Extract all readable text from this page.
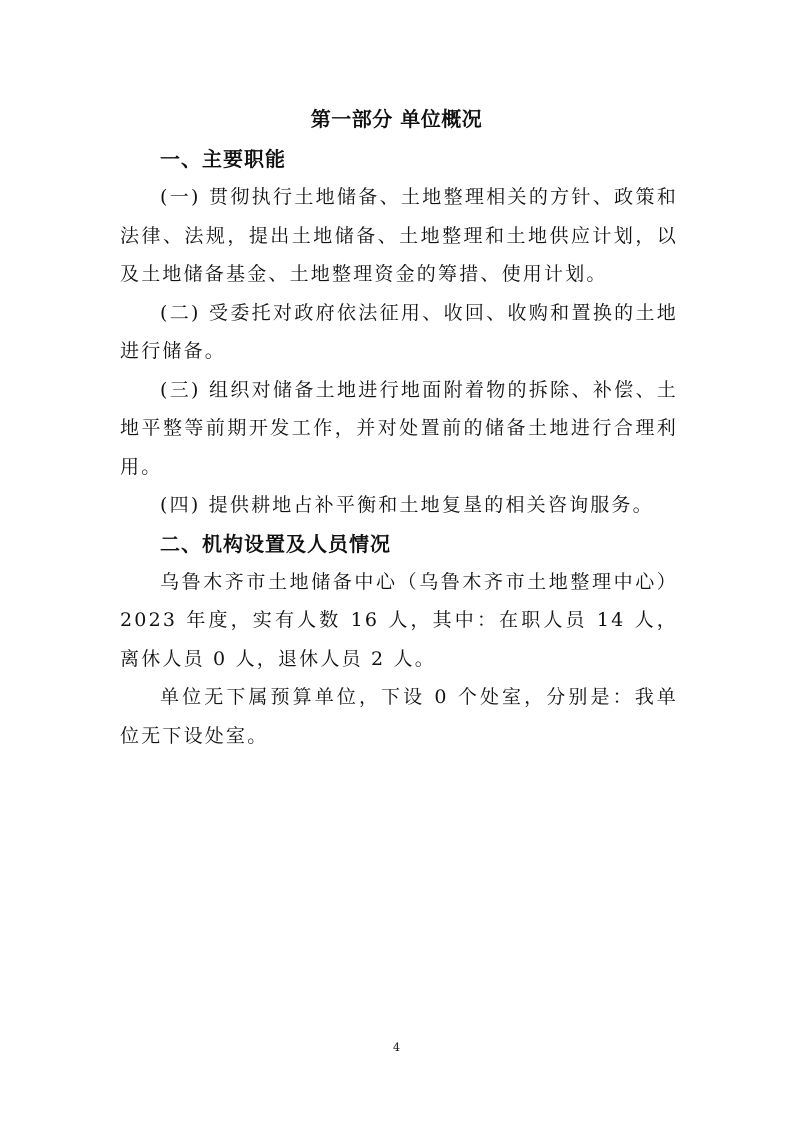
第一部分 单位概况
一、主要职能

(一) 贯彻执行土地储备、土地整理相关的方针、政策和法律、法规，提出土地储备、土地整理和土地供应计划，以及土地储备基金、土地整理资金的筹措、使用计划。

(二) 受委托对政府依法征用、收回、收购和置换的土地进行储备。

(三) 组织对储备土地进行地面附着物的拆除、补偿、土地平整等前期开发工作，并对处置前的储备土地进行合理利用。

(四) 提供耕地占补平衡和土地复垦的相关咨询服务。

二、机构设置及人员情况

乌鲁木齐市土地储备中心（乌鲁木齐市土地整理中心）2023 年度，实有人数 16 人，其中：在职人员 14 人，离休人员 0 人，退休人员 2 人。

单位无下属预算单位，下设 0 个处室，分别是：我单位无下设处室。

4
